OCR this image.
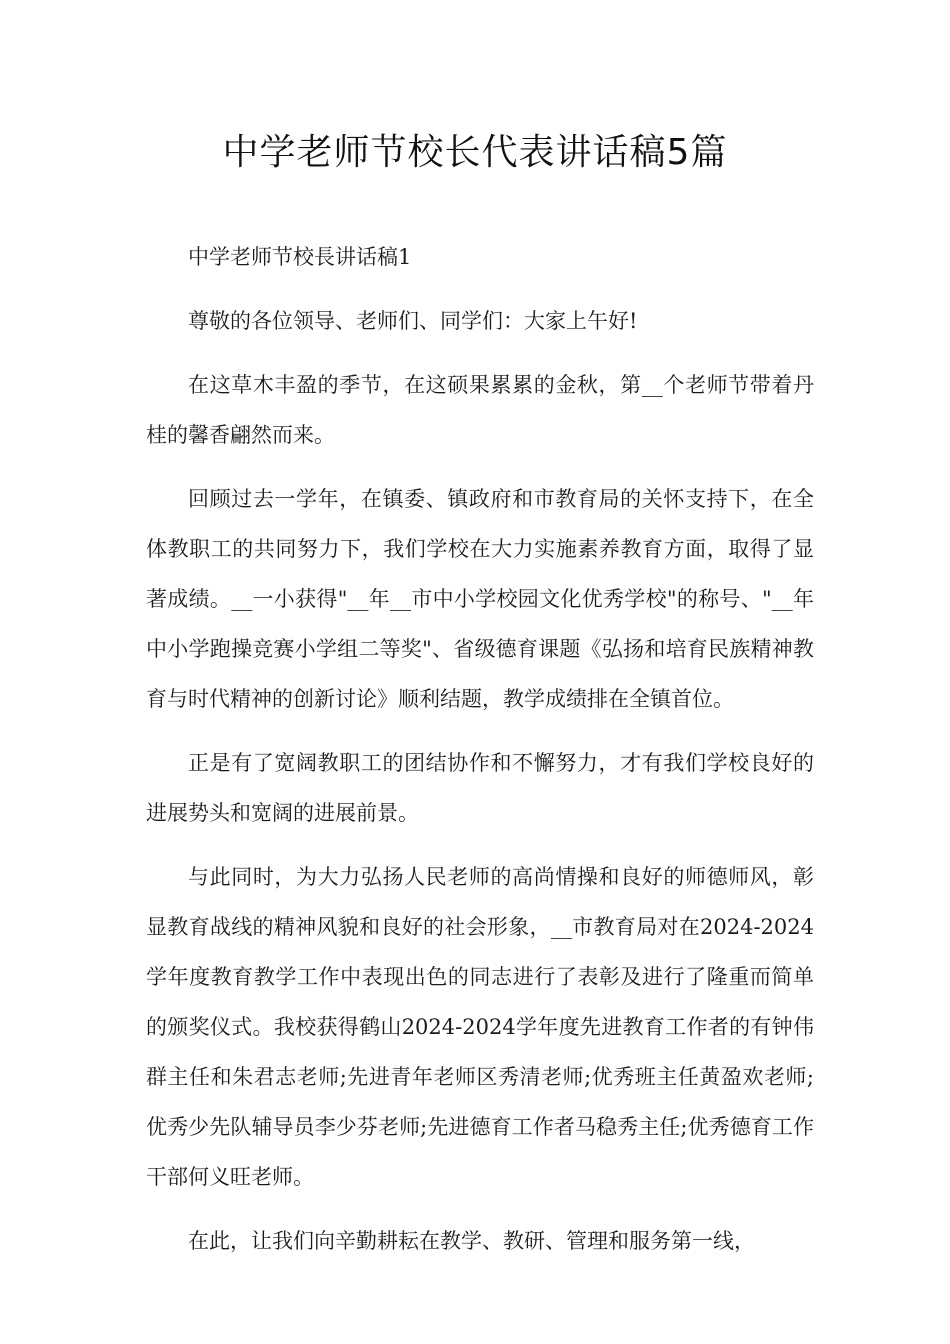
中学老师节校长代表讲话稿5篇

中学老师节校長讲话稿1

尊敬的各位领导、老师们、同学们：大家上午好!

在这草木丰盈的季节，在这硕果累累的金秋，第__个老师节带着丹桂的馨香翩然而来。

回顾过去一学年，在镇委、镇政府和市教育局的关怀支持下，在全体教职工的共同努力下，我们学校在大力实施素养教育方面，取得了显著成绩。__一小获得"__年__市中小学校园文化优秀学校"的称号、"__年中小学跑操竞赛小学组二等奖"、省级德育课题《弘扬和培育民族精神教育与时代精神的创新讨论》顺利结题，教学成绩排在全镇首位。

正是有了宽阔教职工的团结协作和不懈努力，才有我们学校良好的进展势头和宽阔的进展前景。

与此同时，为大力弘扬人民老师的高尚情操和良好的师德师风，彰显教育战线的精神风貌和良好的社会形象，__市教育局对在2024-2024学年度教育教学工作中表现出色的同志进行了表彰及进行了隆重而简单的颁奖仪式。我校获得鹤山2024-2024学年度先进教育工作者的有钟伟群主任和朱君志老师;先进青年老师区秀清老师;优秀班主任黄盈欢老师;优秀少先队辅导员李少芬老师;先进德育工作者马稳秀主任;优秀德育工作干部何义旺老师。

在此，让我们向辛勤耕耘在教学、教研、管理和服务第一线，
